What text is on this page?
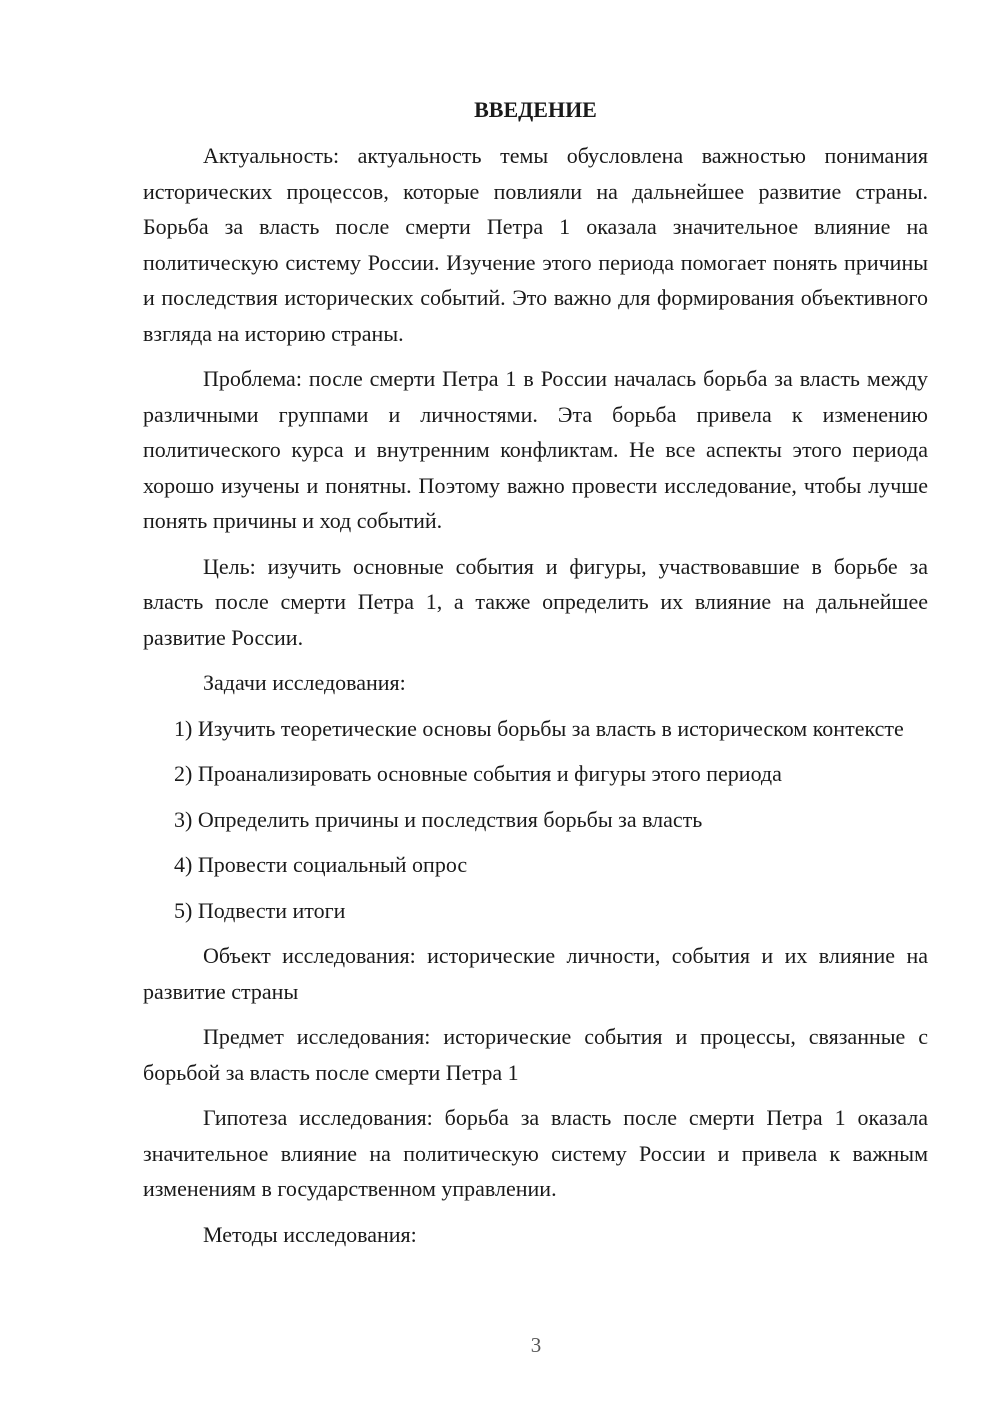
ВВЕДЕНИЕ

Актуальность: актуальность темы обусловлена важностью понимания исторических процессов, которые повлияли на дальнейшее развитие страны. Борьба за власть после смерти Петра 1 оказала значительное влияние на политическую систему России. Изучение этого периода помогает понять причины и последствия исторических событий. Это важно для формирования объективного взгляда на историю страны.

Проблема: после смерти Петра 1 в России началась борьба за власть между различными группами и личностями. Эта борьба привела к изменению политического курса и внутренним конфликтам. Не все аспекты этого периода хорошо изучены и понятны. Поэтому важно провести исследование, чтобы лучше понять причины и ход событий.

Цель: изучить основные события и фигуры, участвовавшие в борьбе за власть после смерти Петра 1, а также определить их влияние на дальнейшее развитие России.

Задачи исследования:

1) Изучить теоретические основы борьбы за власть в историческом контексте

2) Проанализировать основные события и фигуры этого периода

3) Определить причины и последствия борьбы за власть

4) Провести социальный опрос

5) Подвести итоги

Объект исследования: исторические личности, события и их влияние на развитие страны

Предмет исследования: исторические события и процессы, связанные с борьбой за власть после смерти Петра 1

Гипотеза исследования: борьба за власть после смерти Петра 1 оказала значительное влияние на политическую систему России и привела к важным изменениям в государственном управлении.

Методы исследования:

3
